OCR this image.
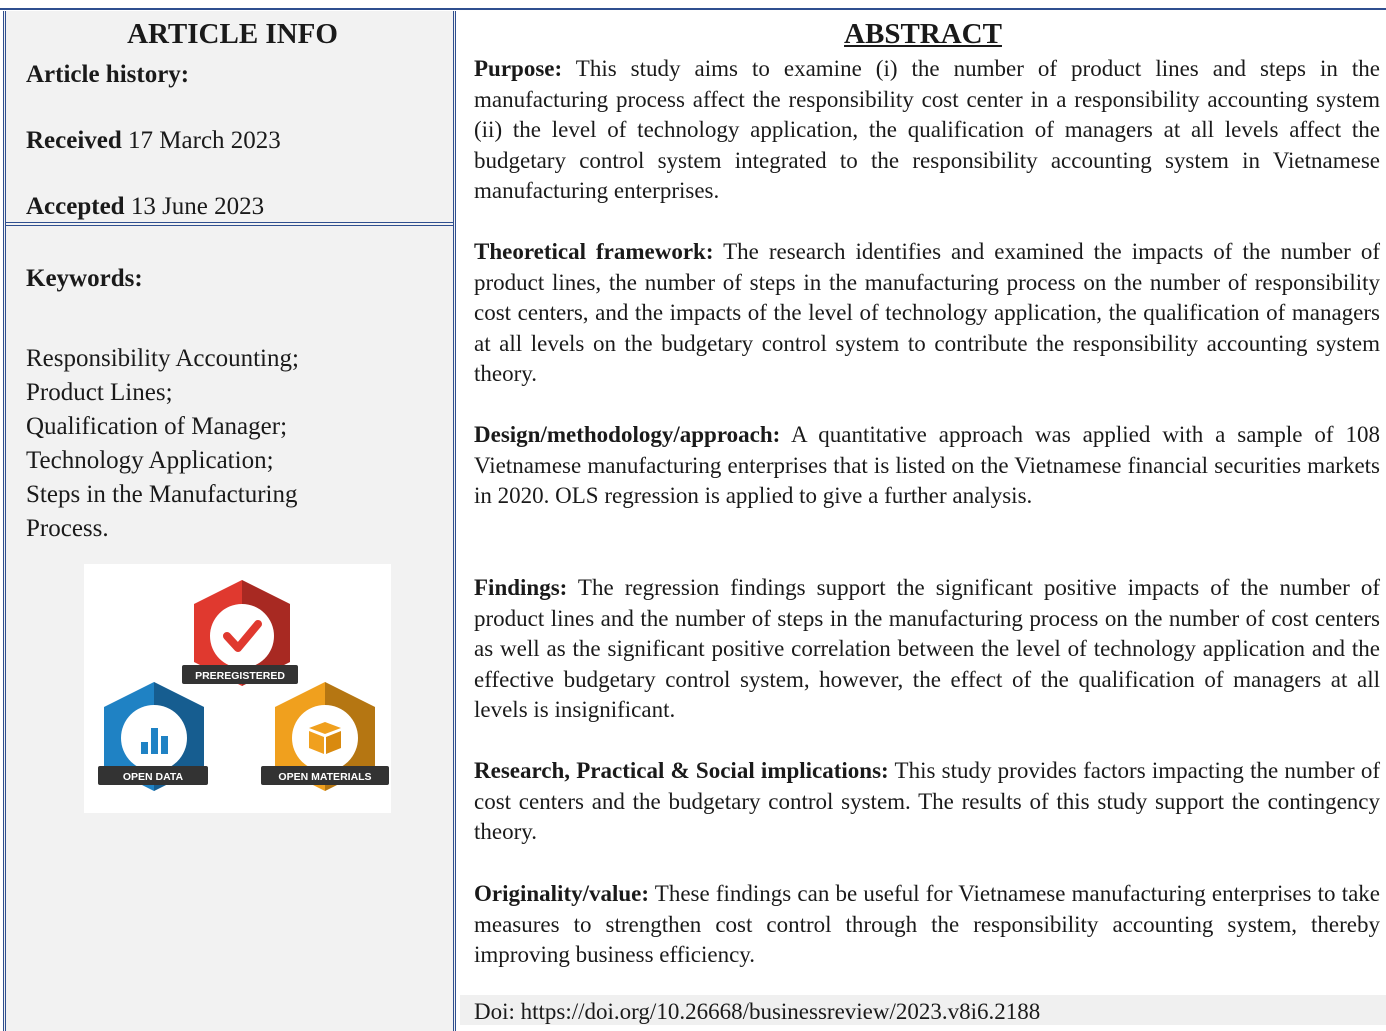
ARTICLE INFO
Article history:
Received 17 March 2023
Accepted 13 June 2023
Keywords:
Responsibility Accounting;
Product Lines;
Qualification of Manager;
Technology Application;
Steps in the Manufacturing
Process.
PREREGISTERED
OPEN DATA	OPEN MATERIALS
ABSTRACT

Purpose: This study aims to examine (i) the number of product lines and steps in the manufacturing process affect the responsibility cost center in a responsibility accounting system (ii) the level of technology application, the qualification of managers at all levels affect the budgetary control system integrated to the responsibility accounting system in Vietnamese manufacturing enterprises.

Theoretical framework: The research identifies and examined the impacts of the number of product lines, the number of steps in the manufacturing process on the number of responsibility cost centers, and the impacts of the level of technology application, the qualification of managers at all levels on the budgetary control system to contribute the responsibility accounting system theory.

Design/methodology/approach: A quantitative approach was applied with a sample of 108 Vietnamese manufacturing enterprises that is listed on the Vietnamese financial securities markets in 2020. OLS regression is applied to give a further analysis.

Findings: The regression findings support the significant positive impacts of the number of product lines and the number of steps in the manufacturing process on the number of cost centers as well as the significant positive correlation between the level of technology application and the effective budgetary control system, however, the effect of the qualification of managers at all levels is insignificant.

Research, Practical & Social implications: This study provides factors impacting the number of cost centers and the budgetary control system. The results of this study support the contingency theory.

Originality/value: These findings can be useful for Vietnamese manufacturing enterprises to take measures to strengthen cost control through the responsibility accounting system, thereby improving business efficiency.

Doi: https://doi.org/10.26668/businessreview/2023.v8i6.2188
